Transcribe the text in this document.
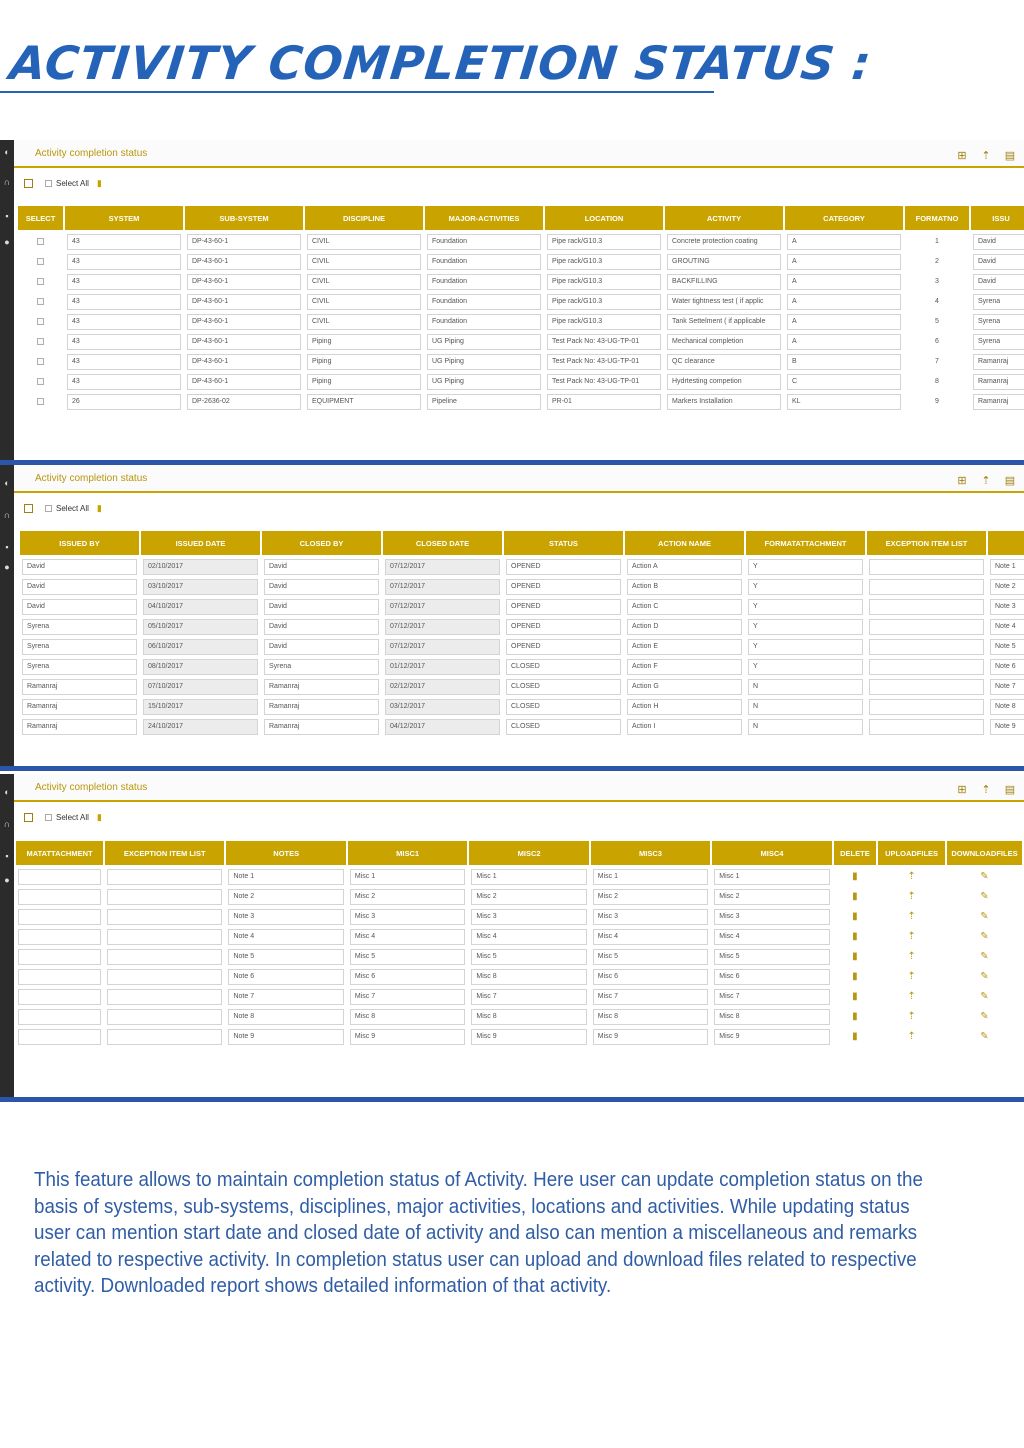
ACTIVITY COMPLETION STATUS :
◐
∩
▪
●
Activity completion status	⊞ ⇡ ▤
Select All ▮
SELECT	SYSTEM	SUB-SYSTEM	DISCIPLINE	MAJOR-ACTIVITIES	LOCATION	ACTIVITY	CATEGORY	FORMATNO	ISSU

	43	DP-43-60-1	CIVIL	Foundation	Pipe rack/G10.3	Concrete protection coating	A	1	David

	43	DP-43-60-1	CIVIL	Foundation	Pipe rack/G10.3	GROUTING	A	2	David

	43	DP-43-60-1	CIVIL	Foundation	Pipe rack/G10.3	BACKFILLING	A	3	David

	43	DP-43-60-1	CIVIL	Foundation	Pipe rack/G10.3	Water tightness test ( if applic	A	4	Syrena

	43	DP-43-60-1	CIVIL	Foundation	Pipe rack/G10.3	Tank Settelment ( if applicable	A	5	Syrena

	43	DP-43-60-1	Piping	UG Piping	Test Pack No: 43-UG-TP-01	Mechanical completion	A	6	Syrena

	43	DP-43-60-1	Piping	UG Piping	Test Pack No: 43-UG-TP-01	QC clearance	B	7	Ramanraj

	43	DP-43-60-1	Piping	UG Piping	Test Pack No: 43-UG-TP-01	Hydrtesting competion	C	8	Ramanraj

	26	DP-2636-02	EQUIPMENT	Pipeline	PR-01	Markers Installation	KL	9	Ramanraj
◐
∩
▪
●
Activity completion status	⊞ ⇡ ▤
Select All ▮
ISSUED BY	ISSUED DATE	CLOSED BY	CLOSED DATE	STATUS	ACTION NAME	FORMATATTACHMENT	EXCEPTION ITEM LIST	

David	02/10/2017	David	07/12/2017	OPENED	Action A	Y		Note 1

David	03/10/2017	David	07/12/2017	OPENED	Action B	Y		Note 2

David	04/10/2017	David	07/12/2017	OPENED	Action C	Y		Note 3

Syrena	05/10/2017	David	07/12/2017	OPENED	Action D	Y		Note 4

Syrena	06/10/2017	David	07/12/2017	OPENED	Action E	Y		Note 5

Syrena	08/10/2017	Syrena	01/12/2017	CLOSED	Action F	Y		Note 6

Ramanraj	07/10/2017	Ramanraj	02/12/2017	CLOSED	Action G	N		Note 7

Ramanraj	15/10/2017	Ramanraj	03/12/2017	CLOSED	Action H	N		Note 8

Ramanraj	24/10/2017	Ramanraj	04/12/2017	CLOSED	Action I	N		Note 9
◐
∩
▪
●
Activity completion status	⊞ ⇡ ▤
Select All ▮
MATATTACHMENT	EXCEPTION ITEM LIST	NOTES	MISC1	MISC2	MISC3	MISC4	DELETE	UPLOADFILES	DOWNLOADFILES

		Note 1	Misc 1	Misc 1	Misc 1	Misc 1	▮	⇡	✎

		Note 2	Misc 2	Misc 2	Misc 2	Misc 2	▮	⇡	✎

		Note 3	Misc 3	Misc 3	Misc 3	Misc 3	▮	⇡	✎

		Note 4	Misc 4	Misc 4	Misc 4	Misc 4	▮	⇡	✎

		Note 5	Misc 5	Misc 5	Misc 5	Misc 5	▮	⇡	✎

		Note 6	Misc 6	Misc 8	Misc 6	Misc 6	▮	⇡	✎

		Note 7	Misc 7	Misc 7	Misc 7	Misc 7	▮	⇡	✎

		Note 8	Misc 8	Misc 8	Misc 8	Misc 8	▮	⇡	✎

		Note 9	Misc 9	Misc 9	Misc 9	Misc 9	▮	⇡	✎
This feature allows to maintain completion status of Activity. Here user can update completion status on the basis of systems, sub-systems, disciplines, major activities, locations and activities. While updating status user can mention start date and closed date of activity and also can mention a miscellaneous and remarks related to respective activity. In completion status user can upload and download files related to respective activity. Downloaded report shows detailed information of that activity.
